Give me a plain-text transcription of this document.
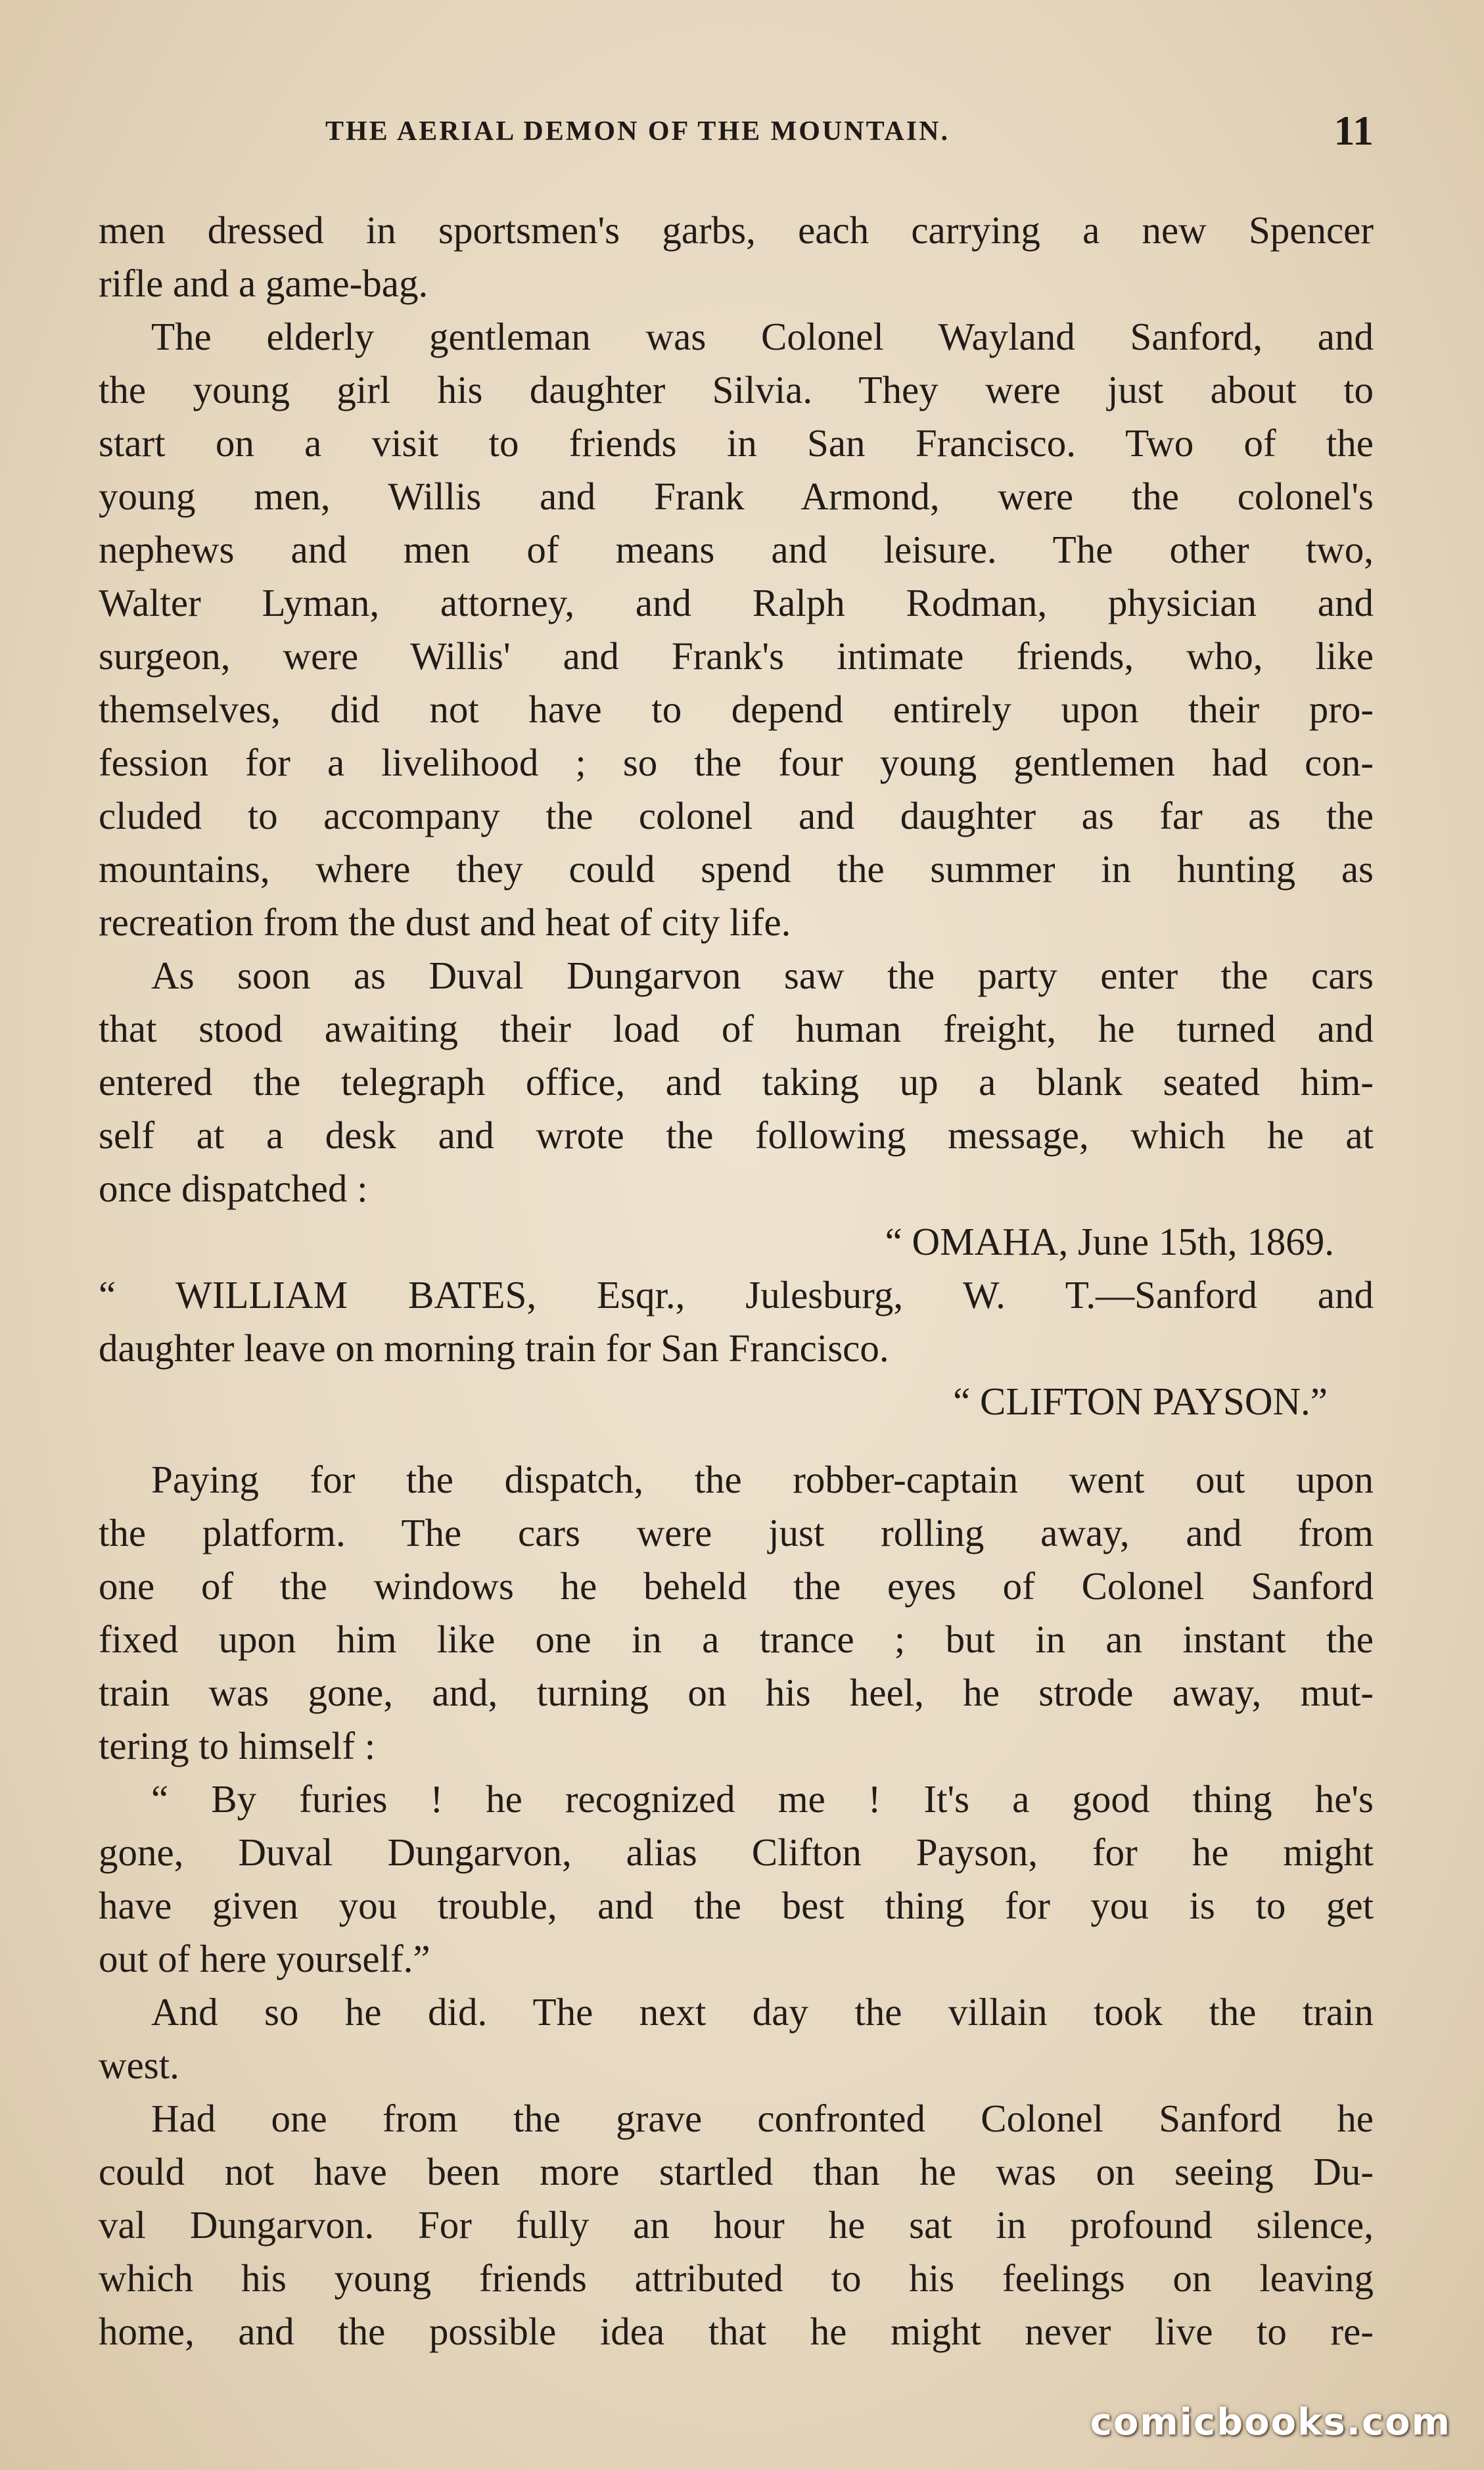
THE AERIAL DEMON OF THE MOUNTAIN.	11
men dressed in sportsmen's garbs, each carrying a new Spencer
rifle and a game-bag.
The elderly gentleman was Colonel Wayland Sanford, and
the young girl his daughter Silvia. They were just about to
start on a visit to friends in San Francisco. Two of the
young men, Willis and Frank Armond, were the colonel's
nephews and men of means and leisure. The other two,
Walter Lyman, attorney, and Ralph Rodman, physician and
surgeon, were Willis' and Frank's intimate friends, who, like
themselves, did not have to depend entirely upon their pro-
fession for a livelihood ; so the four young gentlemen had con-
cluded to accompany the colonel and daughter as far as the
mountains, where they could spend the summer in hunting as
recreation from the dust and heat of city life.
As soon as Duval Dungarvon saw the party enter the cars
that stood awaiting their load of human freight, he turned and
entered the telegraph office, and taking up a blank seated him-
self at a desk and wrote the following message, which he at
once dispatched :
“ OMAHA, June 15th, 1869.
“ WILLIAM BATES, Esqr., Julesburg, W. T.—Sanford and
daughter leave on morning train for San Francisco.
“ CLIFTON PAYSON.”
Paying for the dispatch, the robber-captain went out upon
the platform. The cars were just rolling away, and from
one of the windows he beheld the eyes of Colonel Sanford
fixed upon him like one in a trance ; but in an instant the
train was gone, and, turning on his heel, he strode away, mut-
tering to himself :
“ By furies ! he recognized me ! It's a good thing he's
gone, Duval Dungarvon, alias Clifton Payson, for he might
have given you trouble, and the best thing for you is to get
out of here yourself.”
And so he did. The next day the villain took the train
west.
Had one from the grave confronted Colonel Sanford he
could not have been more startled than he was on seeing Du-
val Dungarvon. For fully an hour he sat in profound silence,
which his young friends attributed to his feelings on leaving
home, and the possible idea that he might never live to re-
comicbooks.com
